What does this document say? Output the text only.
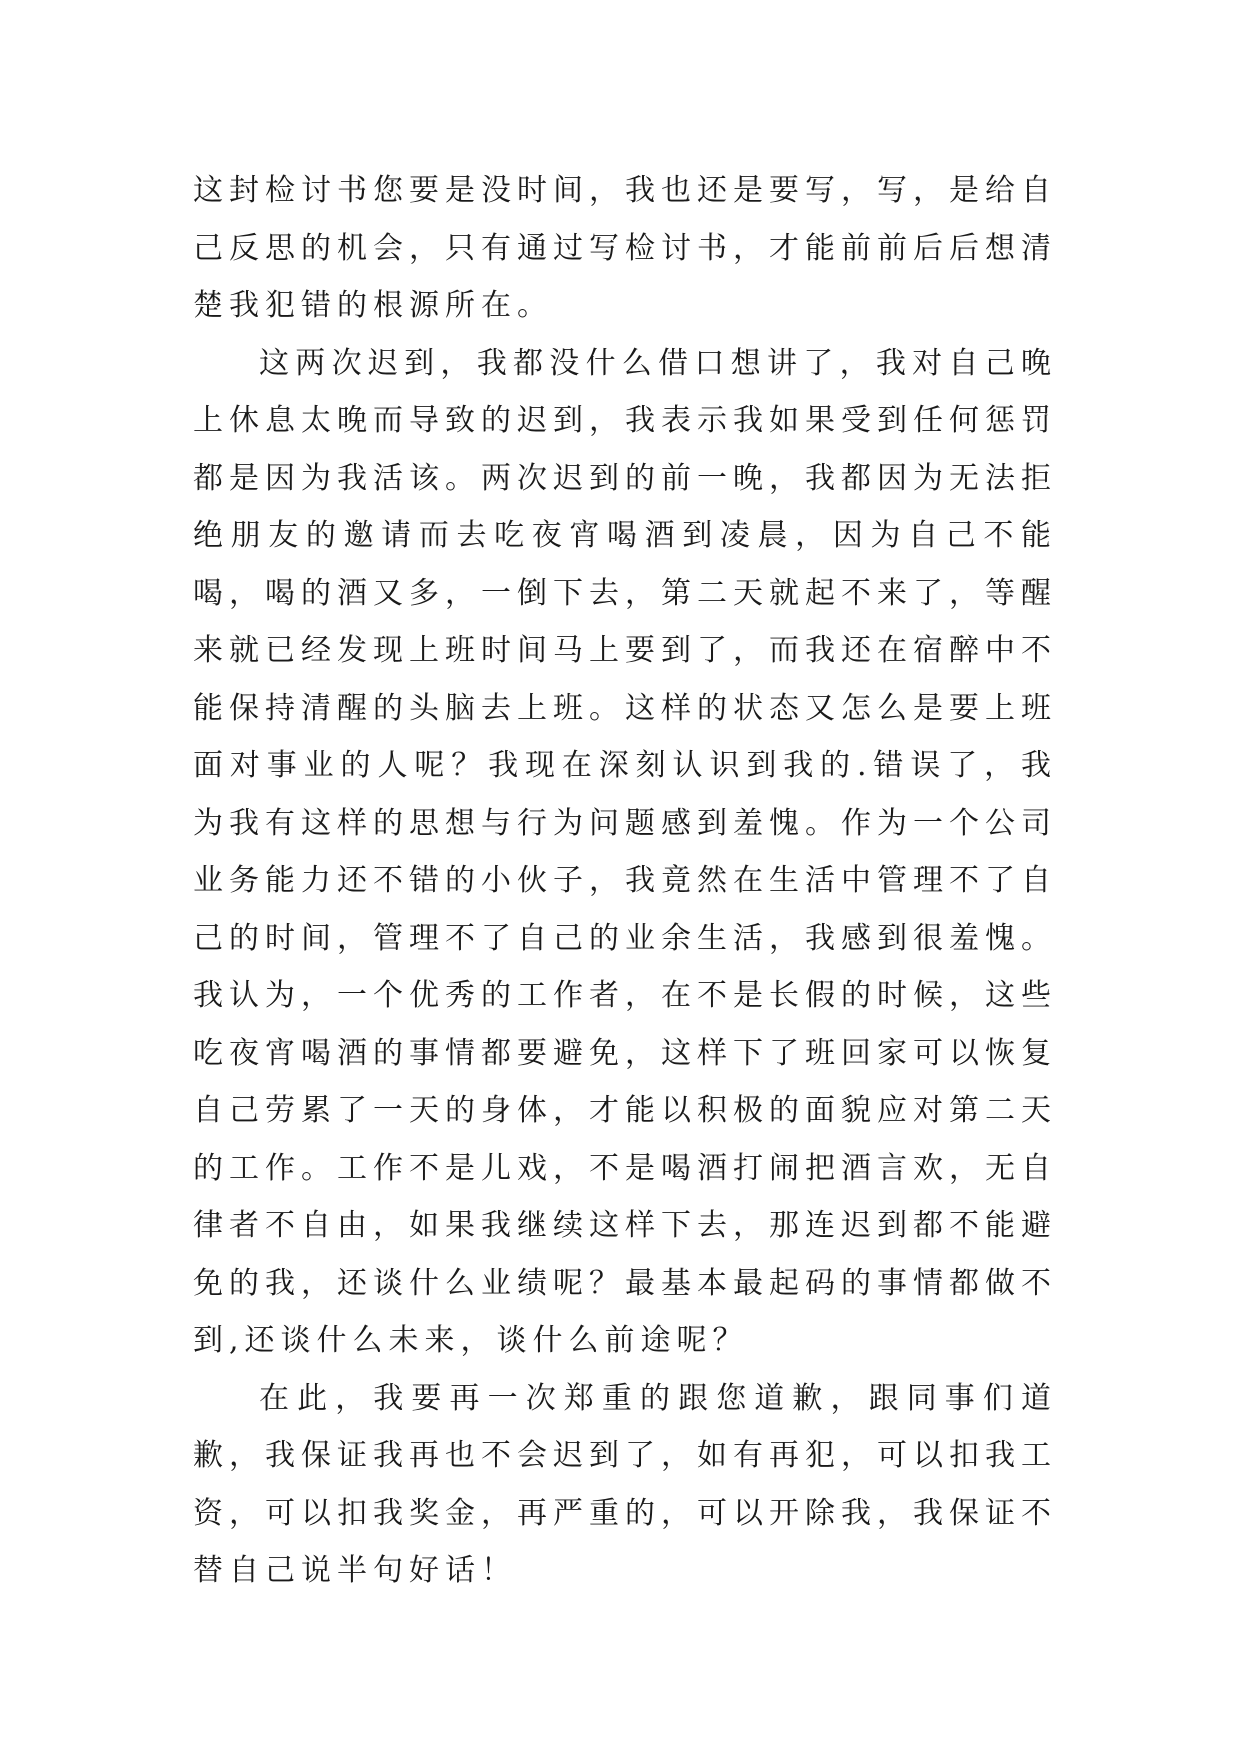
这封检讨书您要是没时间，我也还是要写，写，是给自己反思的机会，只有通过写检讨书，才能前前后后想清楚我犯错的根源所在。

这两次迟到，我都没什么借口想讲了，我对自己晚上休息太晚而导致的迟到，我表示我如果受到任何惩罚都是因为我活该。两次迟到的前一晚，我都因为无法拒绝朋友的邀请而去吃夜宵喝酒到凌晨，因为自己不能喝，喝的酒又多，一倒下去，第二天就起不来了，等醒来就已经发现上班时间马上要到了，而我还在宿醉中不能保持清醒的头脑去上班。这样的状态又怎么是要上班面对事业的人呢？我现在深刻认识到我的.错误了，我为我有这样的思想与行为问题感到羞愧。作为一个公司业务能力还不错的小伙子，我竟然在生活中管理不了自己的时间，管理不了自己的业余生活，我感到很羞愧。我认为，一个优秀的工作者，在不是长假的时候，这些吃夜宵喝酒的事情都要避免，这样下了班回家可以恢复自己劳累了一天的身体，才能以积极的面貌应对第二天的工作。工作不是儿戏，不是喝酒打闹把酒言欢，无自律者不自由，如果我继续这样下去，那连迟到都不能避免的我，还谈什么业绩呢？最基本最起码的事情都做不到,还谈什么未来，谈什么前途呢？

在此，我要再一次郑重的跟您道歉，跟同事们道歉，我保证我再也不会迟到了，如有再犯，可以扣我工资，可以扣我奖金，再严重的，可以开除我，我保证不替自己说半句好话！
